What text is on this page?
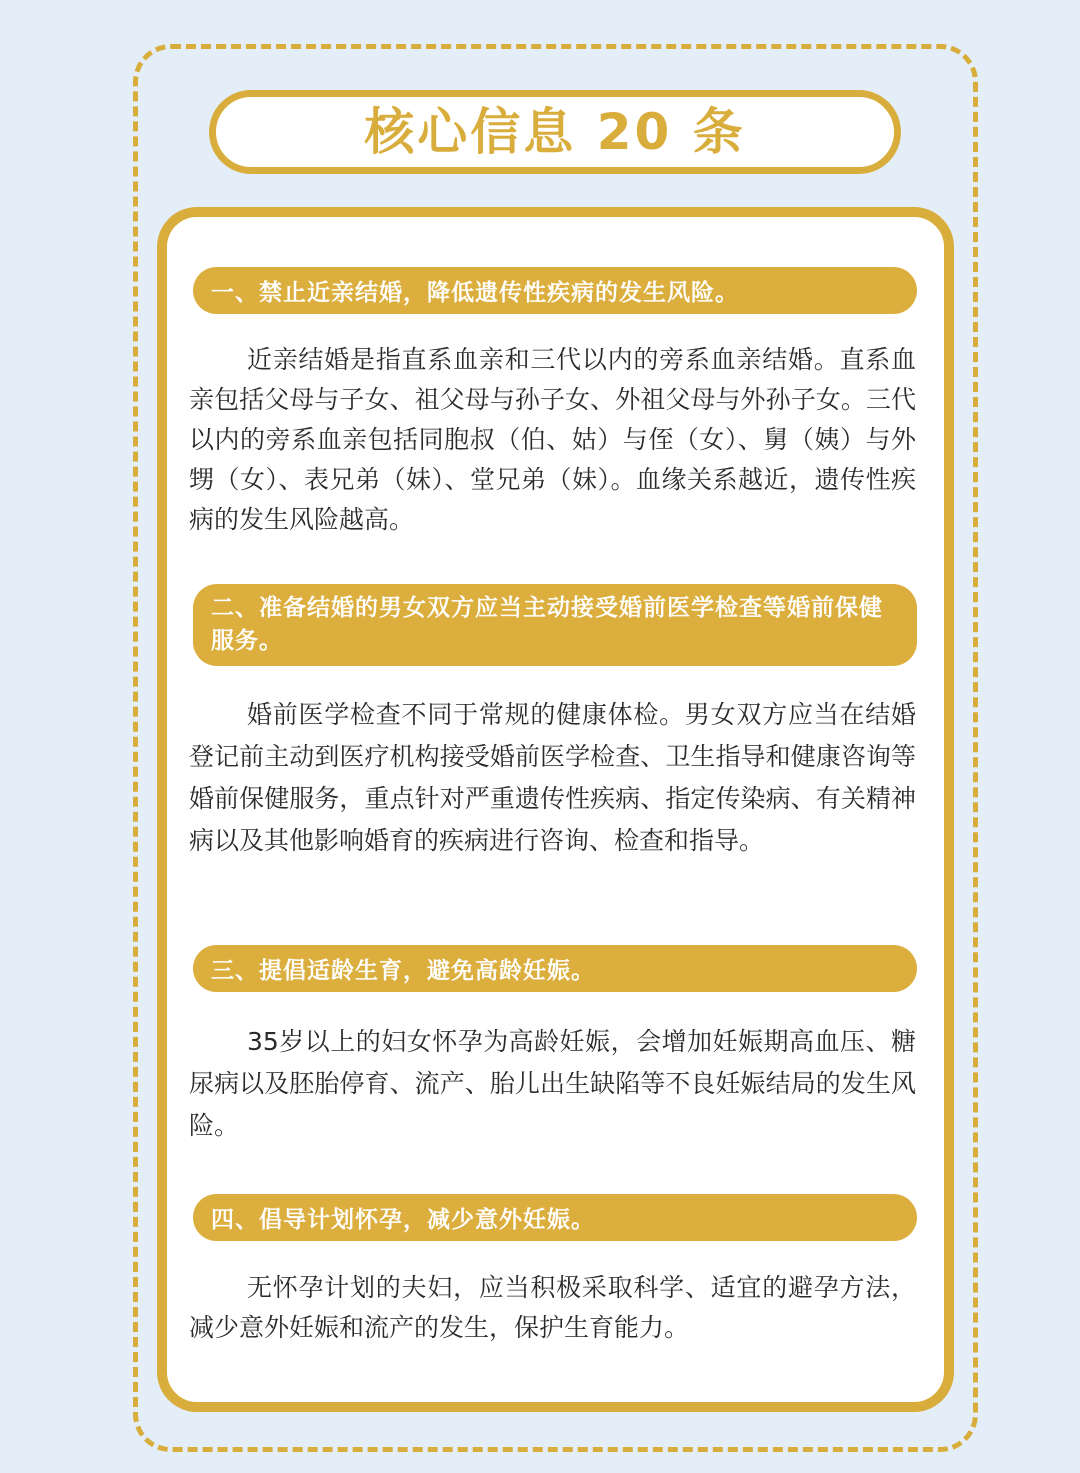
核心信息 20 条
一、禁止近亲结婚，降低遗传性疾病的发生风险。

近亲结婚是指直系血亲和三代以内的旁系血亲结婚。直系血亲包括父母与子女、祖父母与孙子女、外祖父母与外孙子女。三代以内的旁系血亲包括同胞叔（伯、姑）与侄（女）、舅（姨）与外甥（女）、表兄弟（妹）、堂兄弟（妹）。血缘关系越近，遗传性疾病的发生风险越高。

二、准备结婚的男女双方应当主动接受婚前医学检查等婚前保健服务。

婚前医学检查不同于常规的健康体检。男女双方应当在结婚登记前主动到医疗机构接受婚前医学检查、卫生指导和健康咨询等婚前保健服务，重点针对严重遗传性疾病、指定传染病、有关精神病以及其他影响婚育的疾病进行咨询、检查和指导。

三、提倡适龄生育，避免高龄妊娠。

35岁以上的妇女怀孕为高龄妊娠，会增加妊娠期高血压、糖尿病以及胚胎停育、流产、胎儿出生缺陷等不良妊娠结局的发生风险。

四、倡导计划怀孕，减少意外妊娠。

无怀孕计划的夫妇，应当积极采取科学、适宜的避孕方法，减少意外妊娠和流产的发生，保护生育能力。
